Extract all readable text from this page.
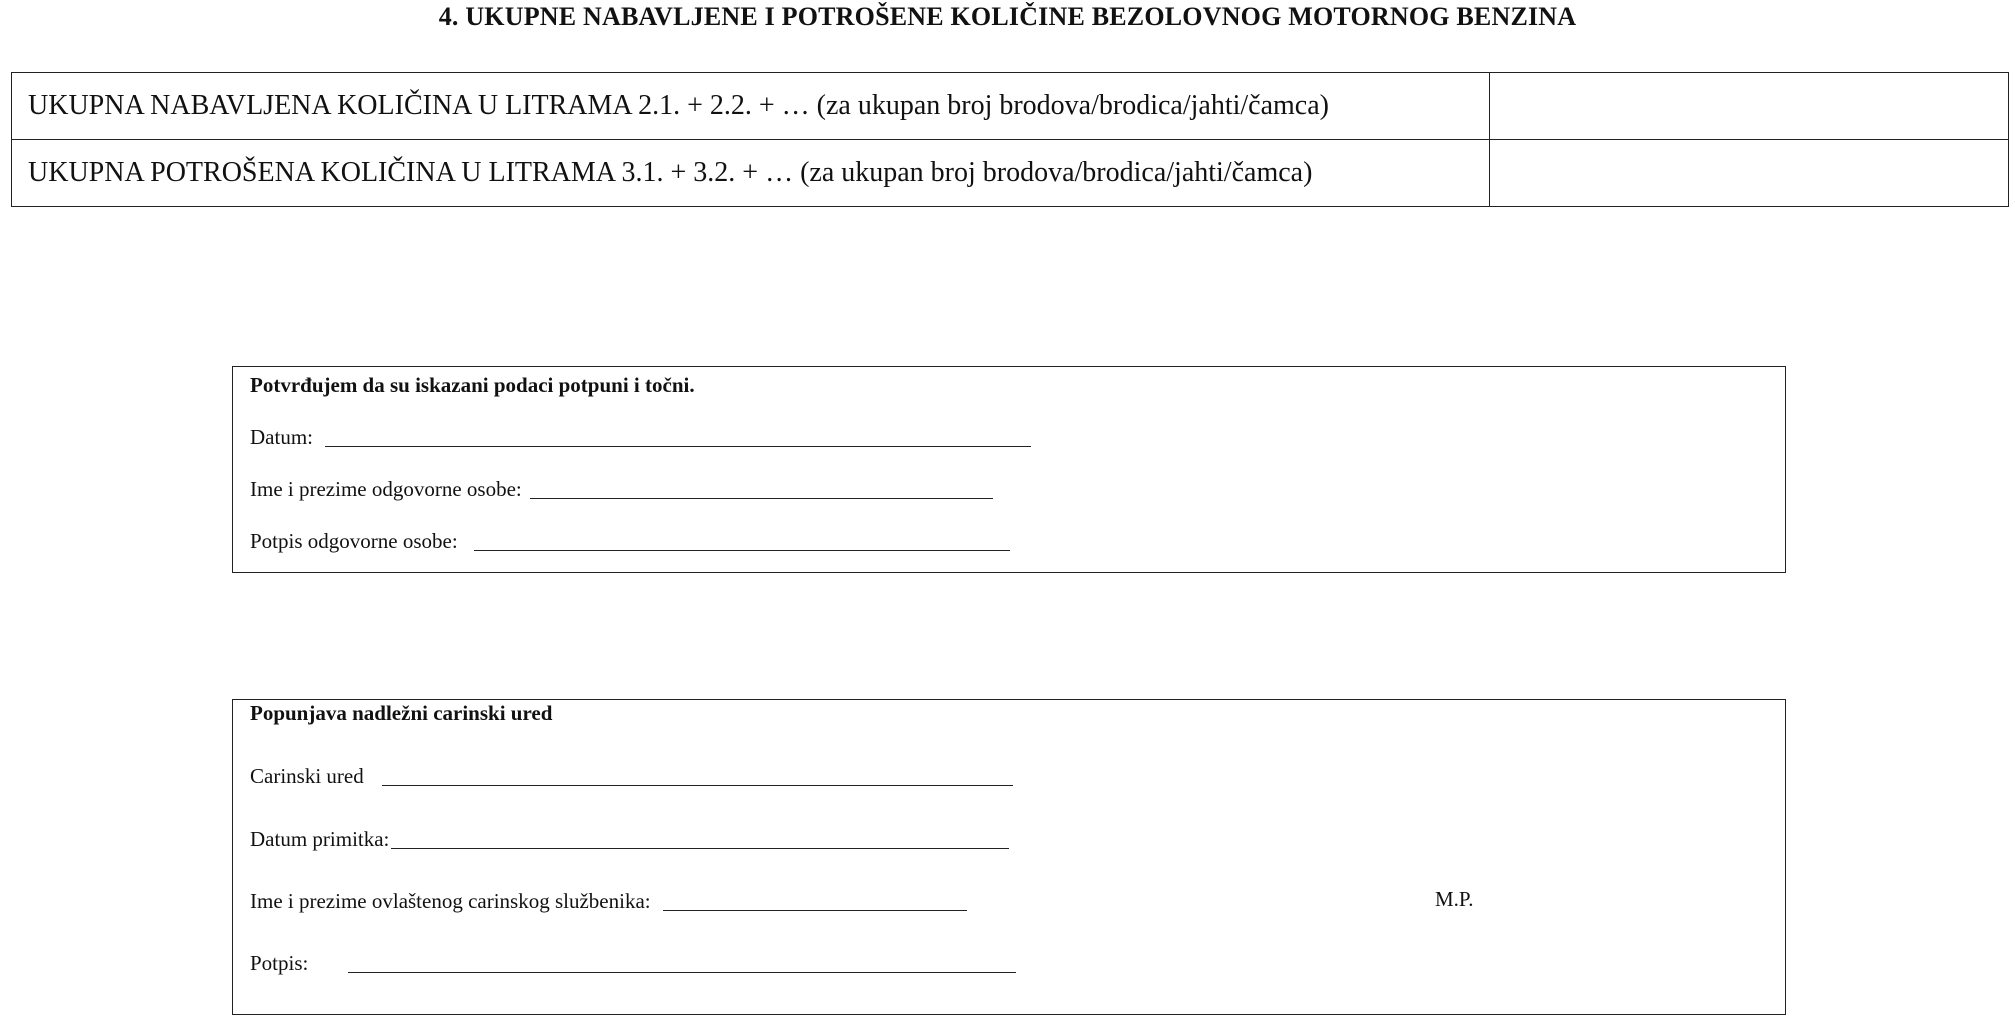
4. UKUPNE NABAVLJENE I POTROŠENE KOLIČINE BEZOLOVNOG MOTORNOG BENZINA
UKUPNA NABAVLJENA KOLIČINA U LITRAMA 2.1. + 2.2. + … (za ukupan broj brodova/brodica/jahti/čamca)	
UKUPNA POTROŠENA KOLIČINA U LITRAMA 3.1. + 3.2. + … (za ukupan broj brodova/brodica/jahti/čamca)	
Potvrđujem da su iskazani podaci potpuni i točni.
Datum:
Ime i prezime odgovorne osobe:
Potpis odgovorne osobe:
Popunjava nadležni carinski ured
Carinski ured
Datum primitka:
Ime i prezime ovlaštenog carinskog službenika:	M.P.
Potpis:
